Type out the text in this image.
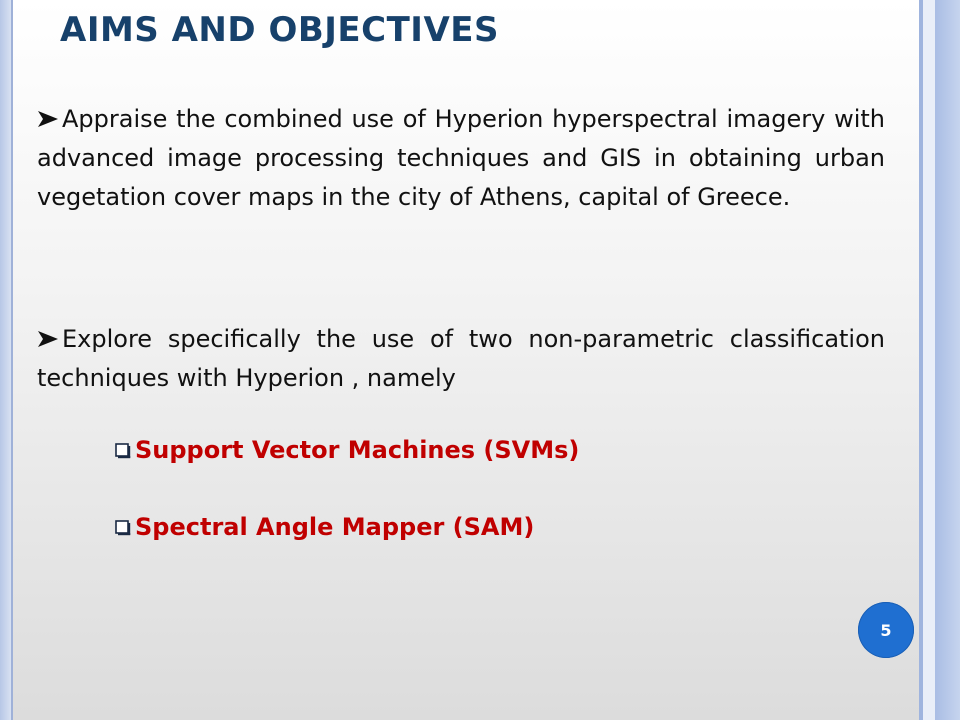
AIMS AND OBJECTIVES
Appraise the combined use of Hyperion hyperspectral imagery with advanced image processing techniques and GIS in obtaining urban vegetation cover maps in the city of Athens, capital of Greece.
Explore specifically the use of two non-parametric classification techniques with Hyperion , namely
Support Vector Machines (SVMs)
Spectral Angle Mapper (SAM)
5
